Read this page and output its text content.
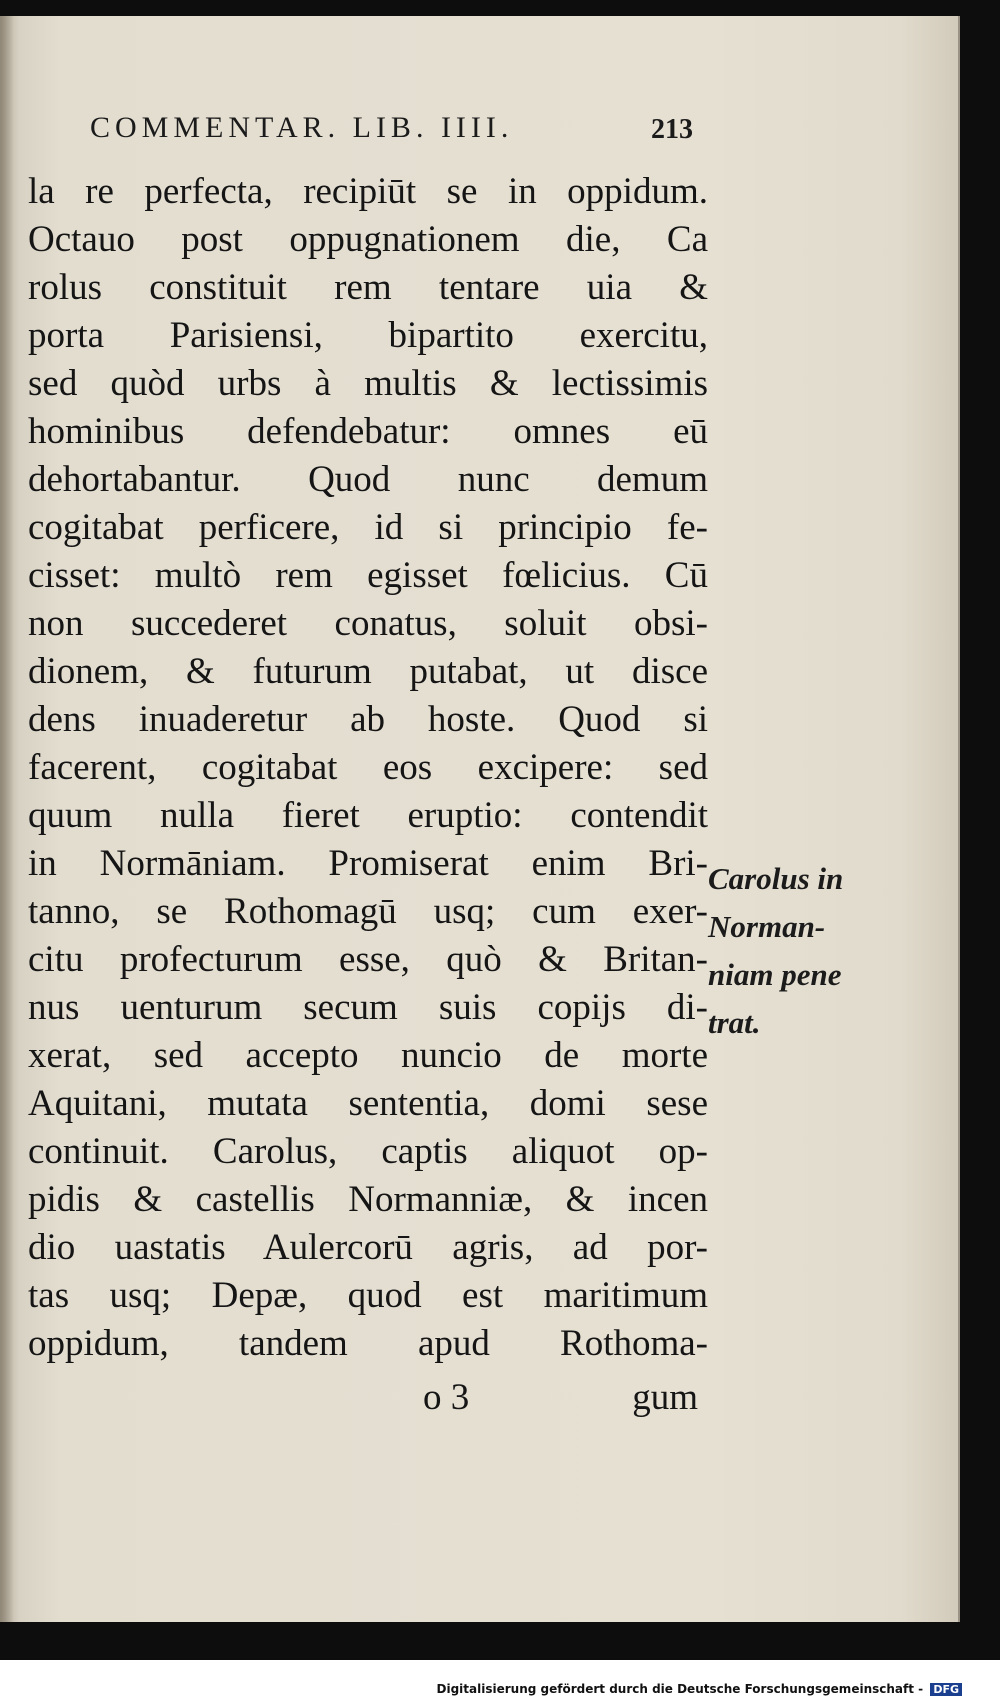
COMMENTAR. LIB. IIII.	213
la re perfecta, recipiūt se in oppidum.
Octauo post oppugnationem die, Ca
rolus constituit rem tentare uia &
porta Parisiensi, bipartito exercitu,
sed quòd urbs à multis & lectissimis
hominibus defendebatur: omnes eū
dehortabantur. Quod nunc demum
cogitabat perficere, id si principio fe-
cisset: multò rem egisset fœlicius. Cū
non succederet conatus, soluit obsi-
dionem, & futurum putabat, ut disce
dens inuaderetur ab hoste. Quod si
facerent, cogitabat eos excipere: sed
quum nulla fieret eruptio: contendit
in Normāniam. Promiserat enim Bri-
tanno, se Rothomagū usq; cum exer-
citu profecturum esse, quò & Britan-
nus uenturum secum suis copijs di-
xerat, sed accepto nuncio de morte
Aquitani, mutata sententia, domi sese
continuit. Carolus, captis aliquot op-
pidis & castellis Normanniæ, & incen
dio uastatis Aulercorū agris, ad por-
tas usq; Depæ, quod est maritimum
oppidum, tandem apud Rothoma-
o 3	gum
Carolus in
Norman-
niam pene
trat.
Digitalisierung gefördert durch die Deutsche Forschungsgemeinschaft - DFG
